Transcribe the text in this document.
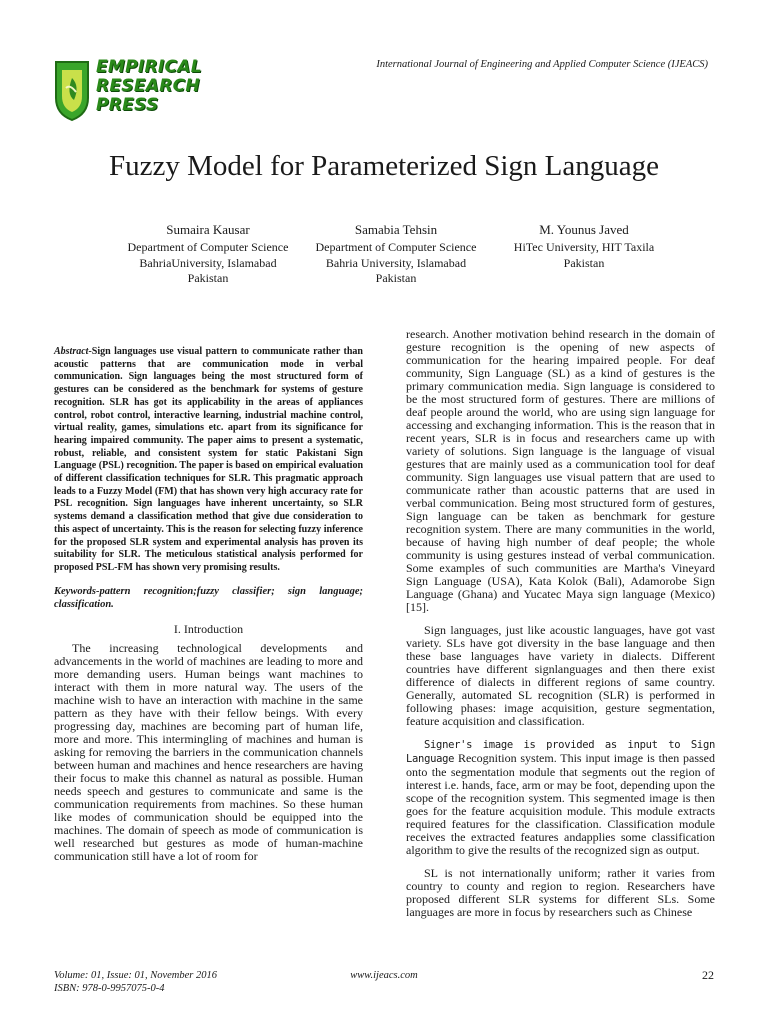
EMPIRICAL
RESEARCH
PRESS
International Journal of Engineering and Applied Computer Science (IJEACS)
Fuzzy Model for Parameterized Sign Language
Sumaira Kausar
Department of Computer Science
BahriaUniversity, Islamabad
Pakistan
Samabia Tehsin
Department of Computer Science
Bahria University, Islamabad
Pakistan
M. Younus Javed
HiTec University, HIT Taxila
Pakistan

Abstract-Sign languages use visual pattern to communicate rather than acoustic patterns that are communication mode in verbal communication. Sign languages being the most structured form of gestures can be considered as the benchmark for systems of gesture recognition. SLR has got its applicability in the areas of appliances control, robot control, interactive learning, industrial machine control, virtual reality, games, simulations etc. apart from its significance for hearing impaired community. The paper aims to present a systematic, robust, reliable, and consistent system for static Pakistani Sign Language (PSL) recognition. The paper is based on empirical evaluation of different classification techniques for SLR. This pragmatic approach leads to a Fuzzy Model (FM) that has shown very high accuracy rate for PSL recognition. Sign languages have inherent uncertainty, so SLR systems demand a classification method that give due consideration to this aspect of uncertainty. This is the reason for selecting fuzzy inference for the proposed SLR system and experimental analysis has proven its suitability for SLR. The meticulous statistical analysis performed for proposed PSL-FM has shown very promising results.

Keywords-pattern recognition;fuzzy classifier; sign language; classification.

I. Introduction

The increasing technological developments and advancements in the world of machines are leading to more and more demanding users. Human beings want machines to interact with them in more natural way. The users of the machine wish to have an interaction with machine in the same pattern as they have with their fellow beings. With every progressing day, machines are becoming part of human life, more and more. This intermingling of machines and human is asking for removing the barriers in the communication channels between human and machines and hence researchers are having their focus to make this channel as natural as possible. Human needs speech and gestures to communicate and same is the communication requirements from machines. So these human like modes of communication should be equipped into the machines. The domain of speech as mode of communication is well researched but gestures as mode of human-machine communication still have a lot of room for

research. Another motivation behind research in the domain of gesture recognition is the opening of new aspects of communication for the hearing impaired people. For deaf community, Sign Language (SL) as a kind of gestures is the primary communication media. Sign language is considered to be the most structured form of gestures. There are millions of deaf people around the world, who are using sign language for accessing and exchanging information. This is the reason that in recent years, SLR is in focus and researchers came up with variety of solutions. Sign language is the language of visual gestures that are mainly used as a communication tool for deaf community. Sign languages use visual pattern that are used to communicate rather than acoustic patterns that are used in verbal communication. Being most structured form of gestures, Sign language can be taken as benchmark for gesture recognition system. There are many communities in the world, because of having high number of deaf people; the whole community is using gestures instead of verbal communication. Some examples of such communities are Martha's Vineyard Sign Language (USA), Kata Kolok (Bali), Adamorobe Sign Language (Ghana) and Yucatec Maya sign language (Mexico) [15].

Sign languages, just like acoustic languages, have got vast variety. SLs have got diversity in the base language and then these base languages have variety in dialects. Different countries have different signlanguages and then there exist difference of dialects in different regions of same country. Generally, automated SL recognition (SLR) is performed in following phases: image acquisition, gesture segmentation, feature acquisition and classification.

Signer's image is provided as input to Sign Language Recognition system. This input image is then passed onto the segmentation module that segments out the region of interest i.e. hands, face, arm or may be foot, depending upon the scope of the recognition system. This segmented image is then goes for the feature acquisition module. This module extracts required features for the classification. Classification module receives the extracted features andapplies some classification algorithm to give the results of the recognized sign as output.

SL is not internationally uniform; rather it varies from country to county and region to region. Researchers have proposed different SLR systems for different SLs. Some languages are more in focus by researchers such as Chinese

Volume: 01, Issue: 01, November 2016
ISBN: 978-0-9957075-0-4
www.ijeacs.com	22
